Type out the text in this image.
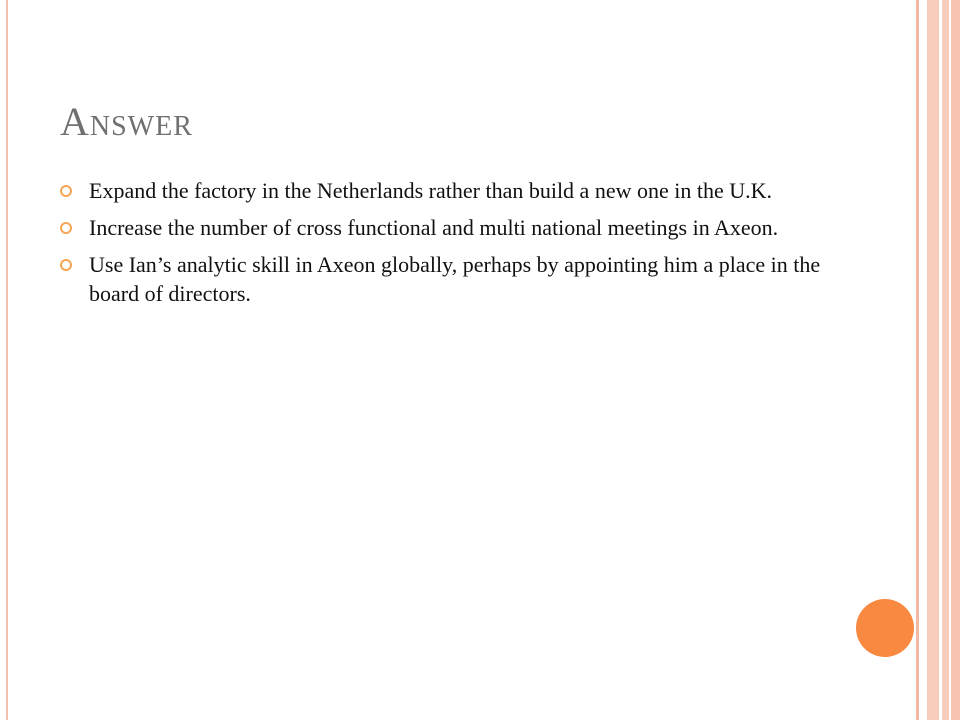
Answer
Expand the factory in the Netherlands rather than build a new one in the U.K.
Increase the number of cross functional and multi national meetings in Axeon.
Use Ian’s analytic skill in Axeon globally, perhaps by appointing him a place in the board of directors.
